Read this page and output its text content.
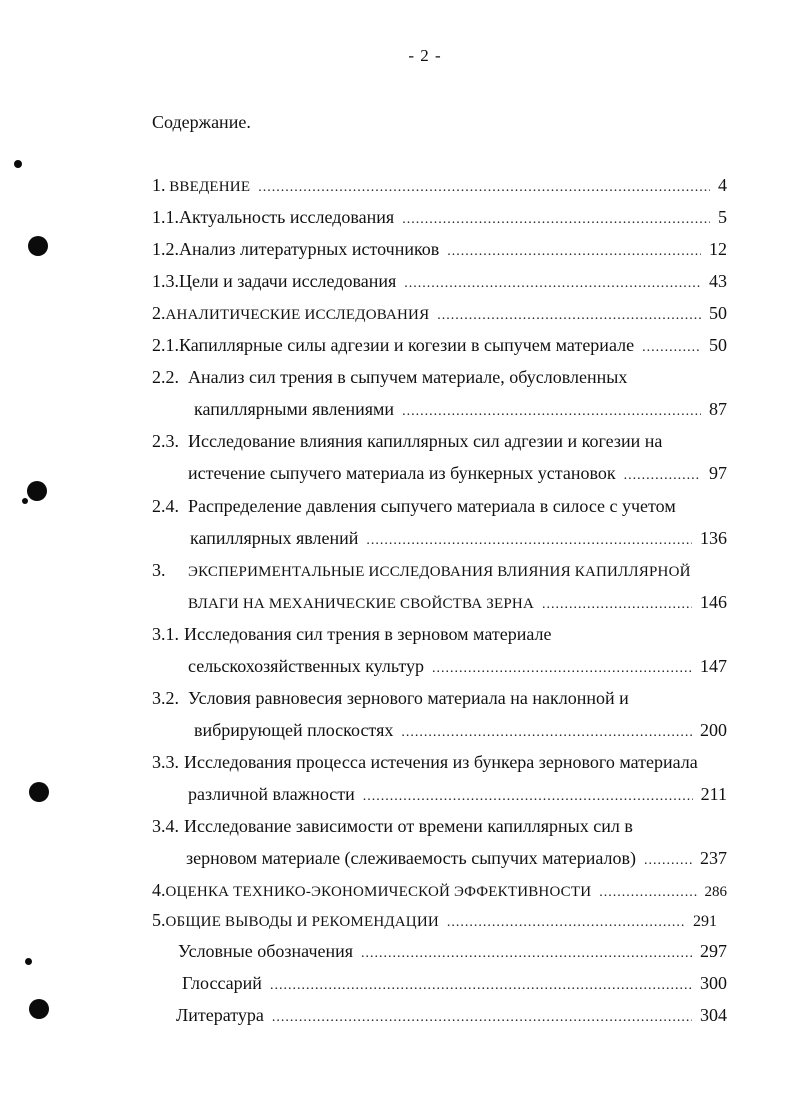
- 2 -
Содержание.
1. ВВЕДЕНИЕ .....	4
1.1. Актуальность исследования .....	5
1.2. Анализ литературных источников .....	12
1.3. Цели и задачи исследования .....	43
2. АНАЛИТИЧЕСКИЕ ИССЛЕДОВАНИЯ .....	50
2.1. Капиллярные силы адгезии и когезии в сыпучем материале .....	50
2.2. Анализ сил трения в сыпучем материале, обусловленных
капиллярными явлениями .....	87
2.3. Исследование влияния капиллярных сил адгезии и когезии на
истечение сыпучего материала из бункерных установок .....	97
2.4. Распределение давления сыпучего материала в силосе с учетом
капиллярных явлений .....	136
3.	ЭКСПЕРИМЕНТАЛЬНЫЕ ИССЛЕДОВАНИЯ ВЛИЯНИЯ КАПИЛЛЯРНОЙ
ВЛАГИ НА МЕХАНИЧЕСКИЕ СВОЙСТВА ЗЕРНА .....	146
3.1. Исследования сил трения в зерновом материале
сельскохозяйственных культур .....	147
3.2. Условия равновесия зернового материала на наклонной и
вибрирующей плоскостях .....	200
3.3. Исследования процесса истечения из бункера зернового материала
различной влажности .....	211
3.4. Исследование зависимости от времени капиллярных сил в
зерновом материале (слеживаемость сыпучих материалов) .....	237
4. ОЦЕНКА ТЕХНИКО-ЭКОНОМИЧЕСКОЙ ЭФФЕКТИВНОСТИ .....	286
5. ОБЩИЕ ВЫВОДЫ И РЕКОМЕНДАЦИИ .....	291
Условные обозначения .....	297
Глоссарий .....	300
Литература .....	304
